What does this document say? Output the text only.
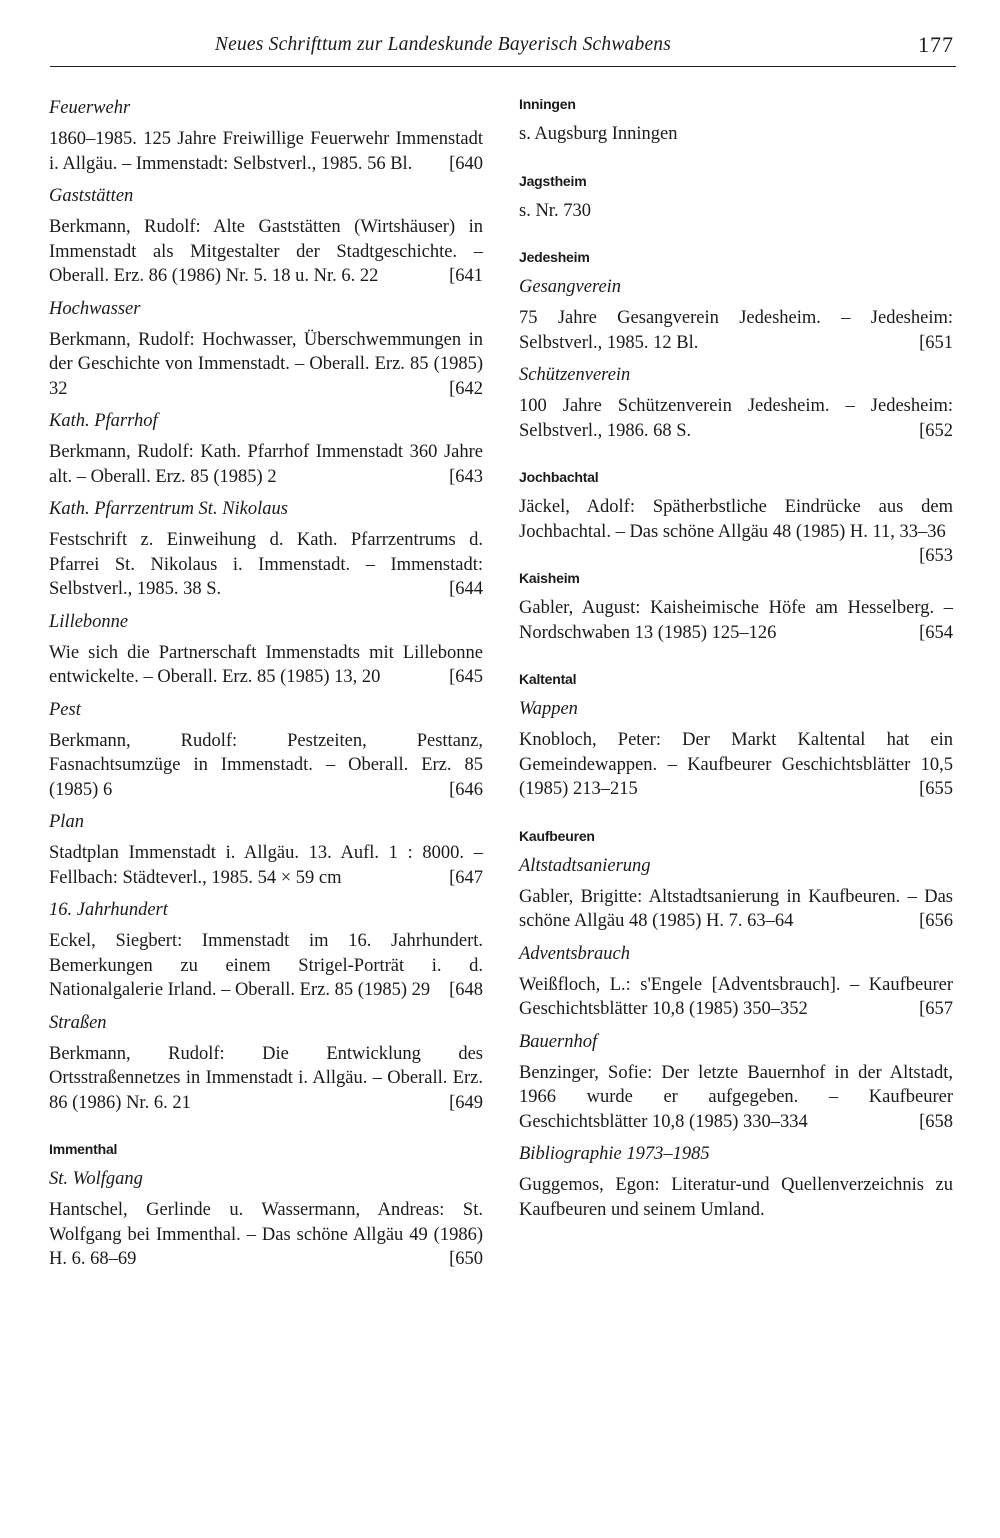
Neues Schrifttum zur Landeskunde Bayerisch Schwabens	177
Feuerwehr
1860–1985. 125 Jahre Freiwillige Feuerwehr Immenstadt i. Allgäu. – Immenstadt: Selbstverl., 1985. 56 Bl. [640
Gaststätten
Berkmann, Rudolf: Alte Gaststätten (Wirtshäuser) in Immenstadt als Mitgestalter der Stadtgeschichte. – Oberall. Erz. 86 (1986) Nr. 5. 18 u. Nr. 6. 22	[641
Hochwasser
Berkmann, Rudolf: Hochwasser, Überschwemmungen in der Geschichte von Immenstadt. – Oberall. Erz. 85 (1985) 32	[642
Kath. Pfarrhof
Berkmann, Rudolf: Kath. Pfarrhof Immenstadt 360 Jahre alt. – Oberall. Erz. 85 (1985) 2	[643
Kath. Pfarrzentrum St. Nikolaus
Festschrift z. Einweihung d. Kath. Pfarrzentrums d. Pfarrei St. Nikolaus i. Immenstadt. – Immenstadt: Selbstverl., 1985. 38 S.	[644
Lillebonne
Wie sich die Partnerschaft Immenstadts mit Lillebonne entwickelte. – Oberall. Erz. 85 (1985) 13, 20	[645
Pest
Berkmann, Rudolf: Pestzeiten, Pesttanz, Fasnachtsumzüge in Immenstadt. – Oberall. Erz. 85 (1985) 6	[646
Plan
Stadtplan Immenstadt i. Allgäu. 13. Aufl. 1 : 8000. – Fellbach: Städteverl., 1985. 54 × 59 cm	[647
16. Jahrhundert
Eckel, Siegbert: Immenstadt im 16. Jahrhundert. Bemerkungen zu einem Strigel-Porträt i. d. Nationalgalerie Irland. – Oberall. Erz. 85 (1985) 29 [648
Straßen
Berkmann, Rudolf: Die Entwicklung des Ortsstraßennetzes in Immenstadt i. Allgäu. – Oberall. Erz. 86 (1986) Nr. 6. 21	[649
Immenthal
St. Wolfgang
Hantschel, Gerlinde u. Wassermann, Andreas: St. Wolfgang bei Immenthal. – Das schöne Allgäu 49 (1986) H. 6. 68–69	[650
Inningen
s. Augsburg Inningen
Jagstheim
s. Nr. 730
Jedesheim
Gesangverein
75 Jahre Gesangverein Jedesheim. – Jedesheim: Selbstverl., 1985. 12 Bl.	[651
Schützenverein
100 Jahre Schützenverein Jedesheim. – Jedesheim: Selbstverl., 1986. 68 S.	[652
Jochbachtal
Jäckel, Adolf: Spätherbstliche Eindrücke aus dem Jochbachtal. – Das schöne Allgäu 48 (1985) H. 11, 33–36
[653
Kaisheim
Gabler, August: Kaisheimische Höfe am Hesselberg. – Nordschwaben 13 (1985) 125–126	[654
Kaltental
Wappen
Knobloch, Peter: Der Markt Kaltental hat ein Gemeindewappen. – Kaufbeurer Geschichtsblätter 10,5 (1985) 213–215	[655
Kaufbeuren
Altstadtsanierung
Gabler, Brigitte: Altstadtsanierung in Kaufbeuren. – Das schöne Allgäu 48 (1985) H. 7. 63–64	[656
Adventsbrauch
Weißfloch, L.: s'Engele [Adventsbrauch]. – Kaufbeurer Geschichtsblätter 10,8 (1985) 350–352	[657
Bauernhof
Benzinger, Sofie: Der letzte Bauernhof in der Altstadt, 1966 wurde er aufgegeben. – Kaufbeurer Geschichtsblätter 10,8 (1985) 330–334	[658
Bibliographie 1973–1985
Guggemos, Egon: Literatur-und Quellenverzeichnis zu Kaufbeuren und seinem Umland.
